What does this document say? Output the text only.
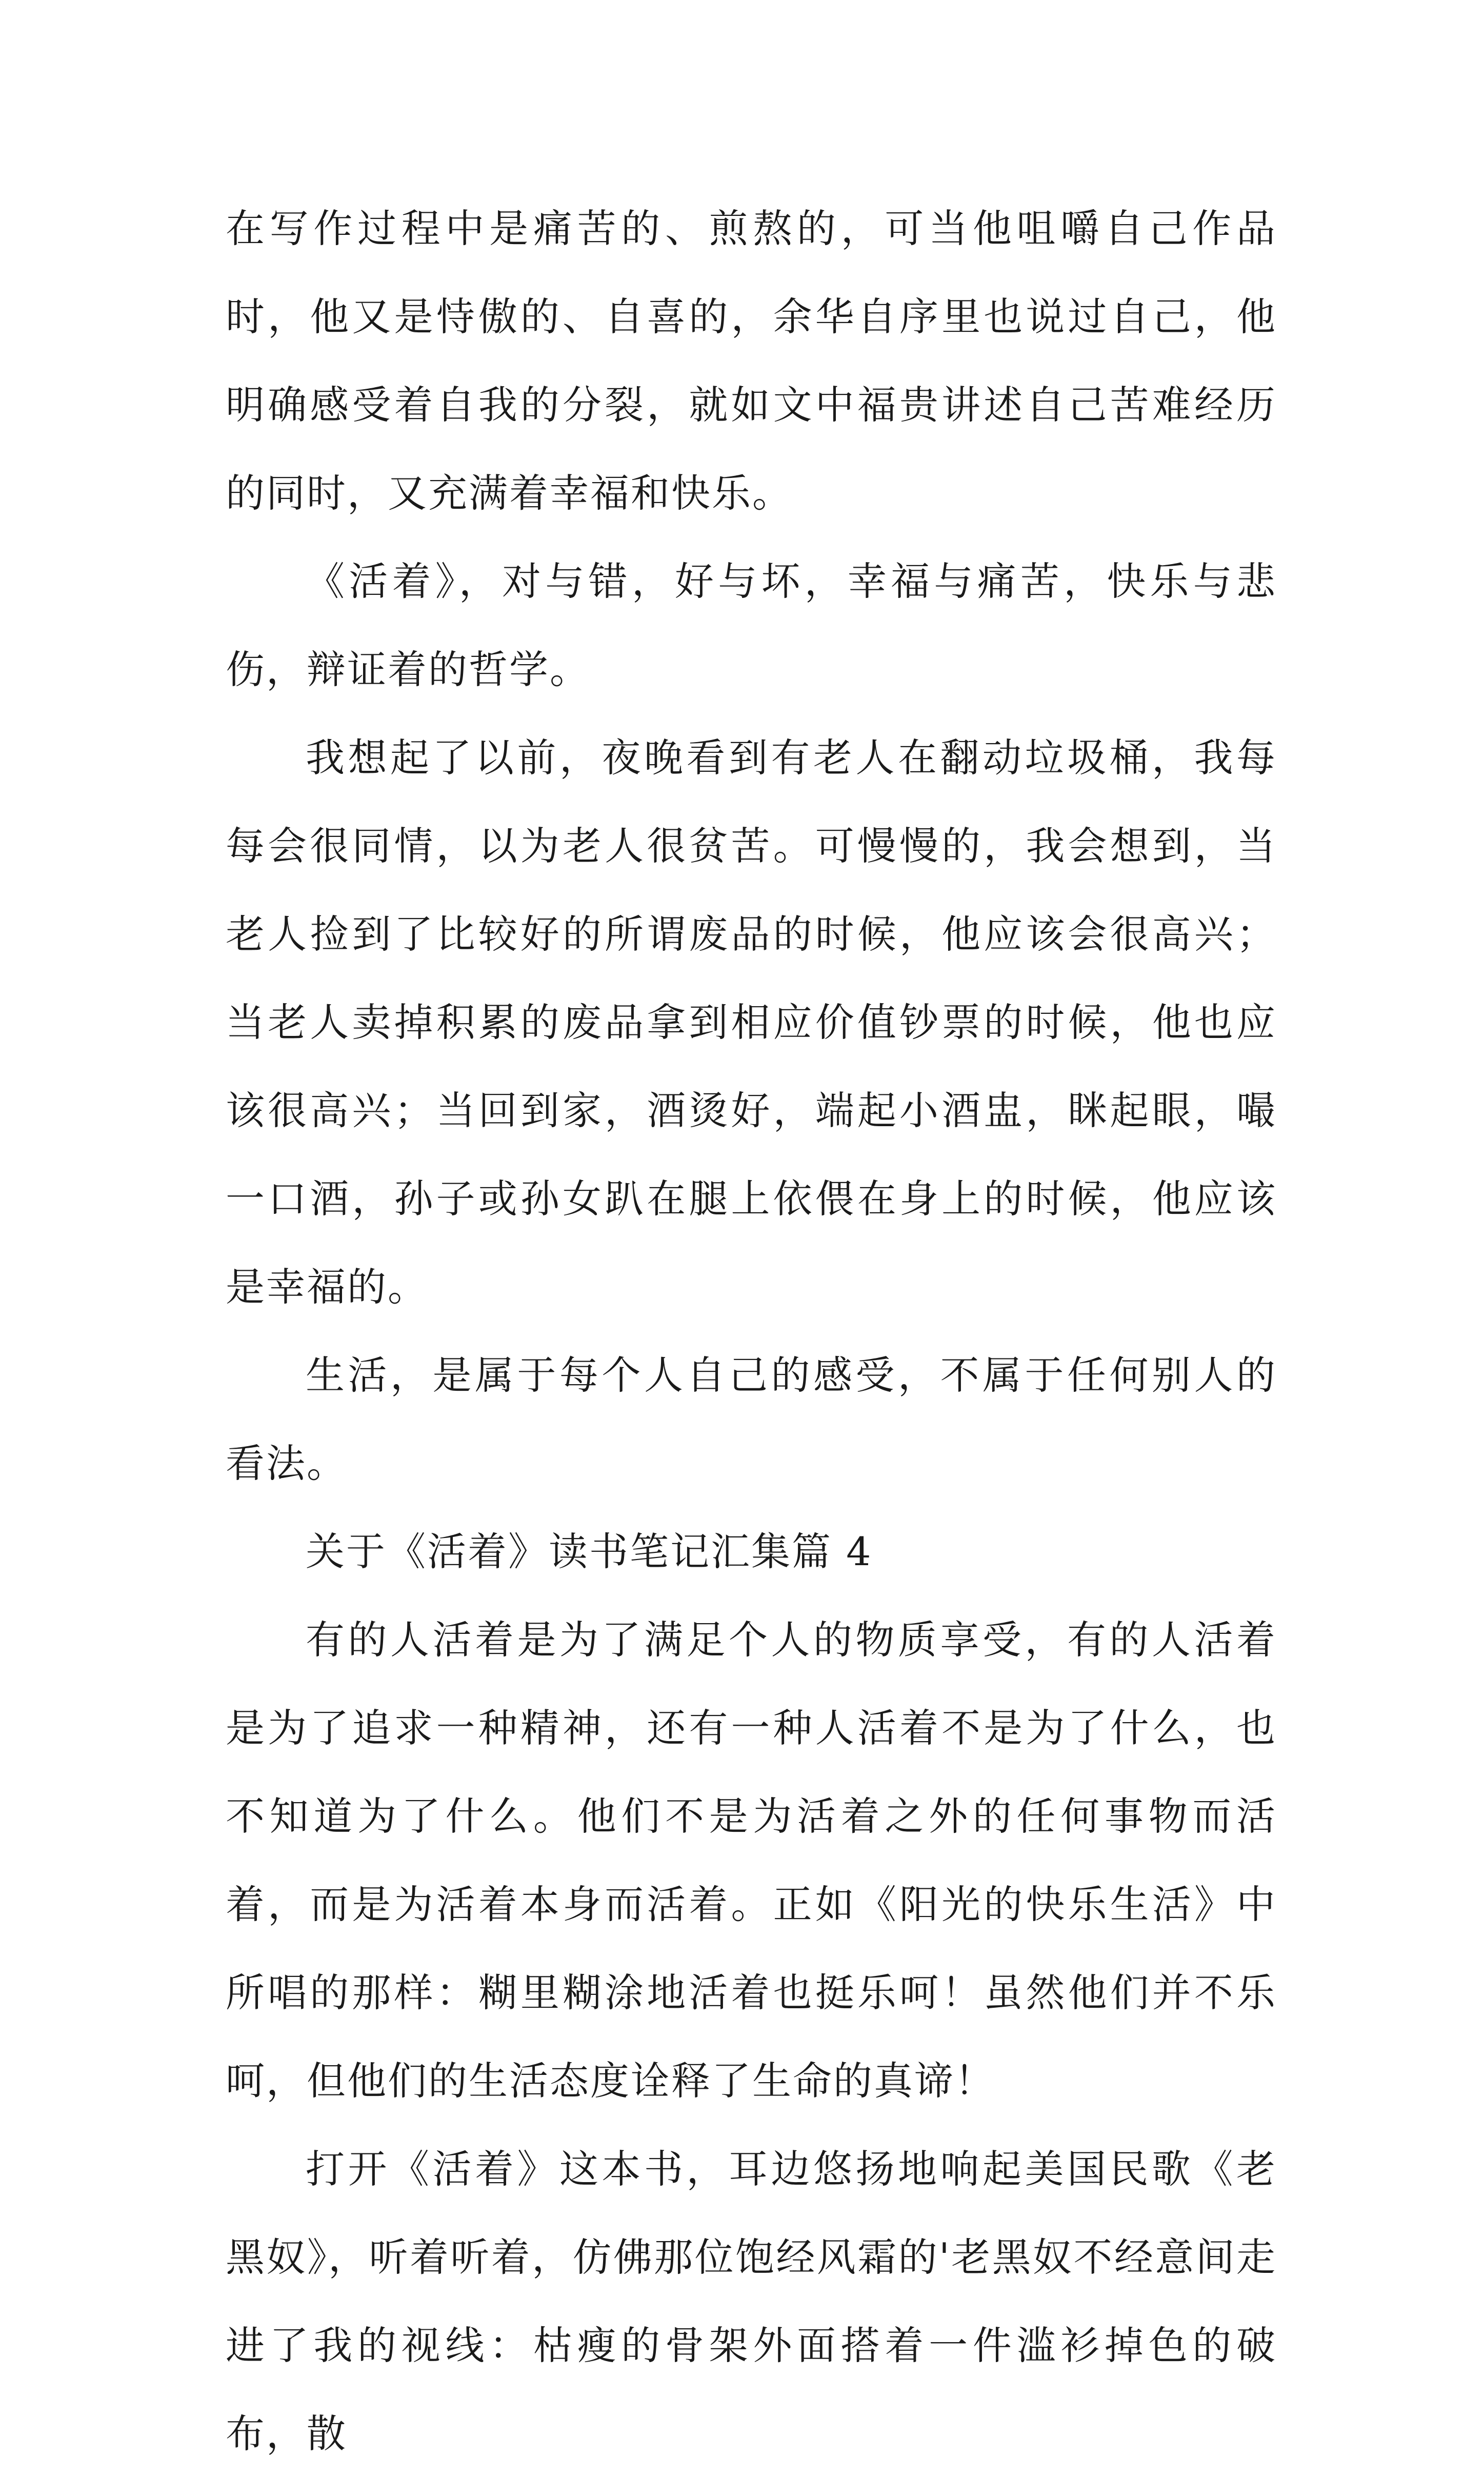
在写作过程中是痛苦的、煎熬的，可当他咀嚼自己作品时，他又是恃傲的、自喜的，余华自序里也说过自己，他明确感受着自我的分裂，就如文中福贵讲述自己苦难经历的同时，又充满着幸福和快乐。

《活着》，对与错，好与坏，幸福与痛苦，快乐与悲伤，辩证着的哲学。

我想起了以前，夜晚看到有老人在翻动垃圾桶，我每每会很同情，以为老人很贫苦。可慢慢的，我会想到，当老人捡到了比较好的所谓废品的时候，他应该会很高兴；当老人卖掉积累的废品拿到相应价值钞票的时候，他也应该很高兴；当回到家，酒烫好，端起小酒盅，眯起眼，嘬一口酒，孙子或孙女趴在腿上依偎在身上的时候，他应该是幸福的。

生活，是属于每个人自己的感受，不属于任何别人的看法。

关于《活着》读书笔记汇集篇 4

有的人活着是为了满足个人的物质享受，有的人活着是为了追求一种精神，还有一种人活着不是为了什么，也不知道为了什么。他们不是为活着之外的任何事物而活着，而是为活着本身而活着。正如《阳光的快乐生活》中所唱的那样：糊里糊涂地活着也挺乐呵！虽然他们并不乐呵，但他们的生活态度诠释了生命的真谛！

打开《活着》这本书，耳边悠扬地响起美国民歌《老黑奴》，听着听着，仿佛那位饱经风霜的'老黑奴不经意间走进了我的视线：枯瘦的骨架外面搭着一件滥衫掉色的破布，散
